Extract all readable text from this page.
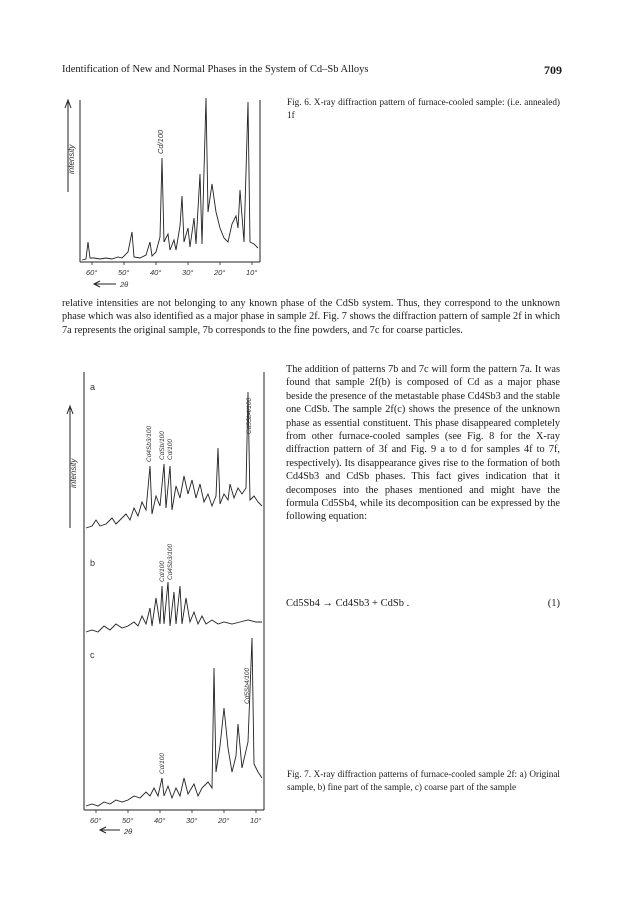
Identification of New and Normal Phases in the System of Cd–Sb Alloys	709
intensity
Cd/100
60°	50°	40°	30°	20°	10°
2θ
Fig. 6. X-ray diffraction pattern of furnace-cooled sample: (i.e. annealed) 1f
relative intensities are not belonging to any known phase of the CdSb system. Thus, they correspond to the unknown phase which was also identified as a major phase in sample 2f. Fig. 7 shows the diffraction pattern of sample 2f in which 7a represents the original sample, 7b corresponds to the fine powders, and 7c for coarse particles.
The addition of patterns 7b and 7c will form the pattern 7a. It was found that sample 2f(b) is composed of Cd as a major phase beside the presence of the metastable phase Cd4Sb3 and the stable one CdSb. The sample 2f(c) shows the presence of the unknown phase as essential constituent. This phase disappeared completely from other furnace-cooled samples (see Fig. 8 for the X-ray diffraction pattern of 3f and Fig. 9 a to d for samples 4f to 7f, respectively). Its disappearance gives rise to the formation of both Cd4Sb3 and CdSb phases. This fact gives indication that it decomposes into the phases mentioned and might have the formula Cd5Sb4, while its decomposition can be expressed by the following equation:
Cd5Sb4 → Cd4Sb3 + CdSb .	(1)
intensity
a
b
c
Cd4Sb3/100 CdSb/100 Cd/100
Cd5Sb4/100
Cd/100 Cd4Sb3/100
Cd/100
Cd5Sb4/100
60°	50°	40°	30°	20°	10°
2θ
Fig. 7. X-ray diffraction patterns of furnace-cooled sample 2f: a) Original sample, b) fine part of the sample, c) coarse part of the sample
